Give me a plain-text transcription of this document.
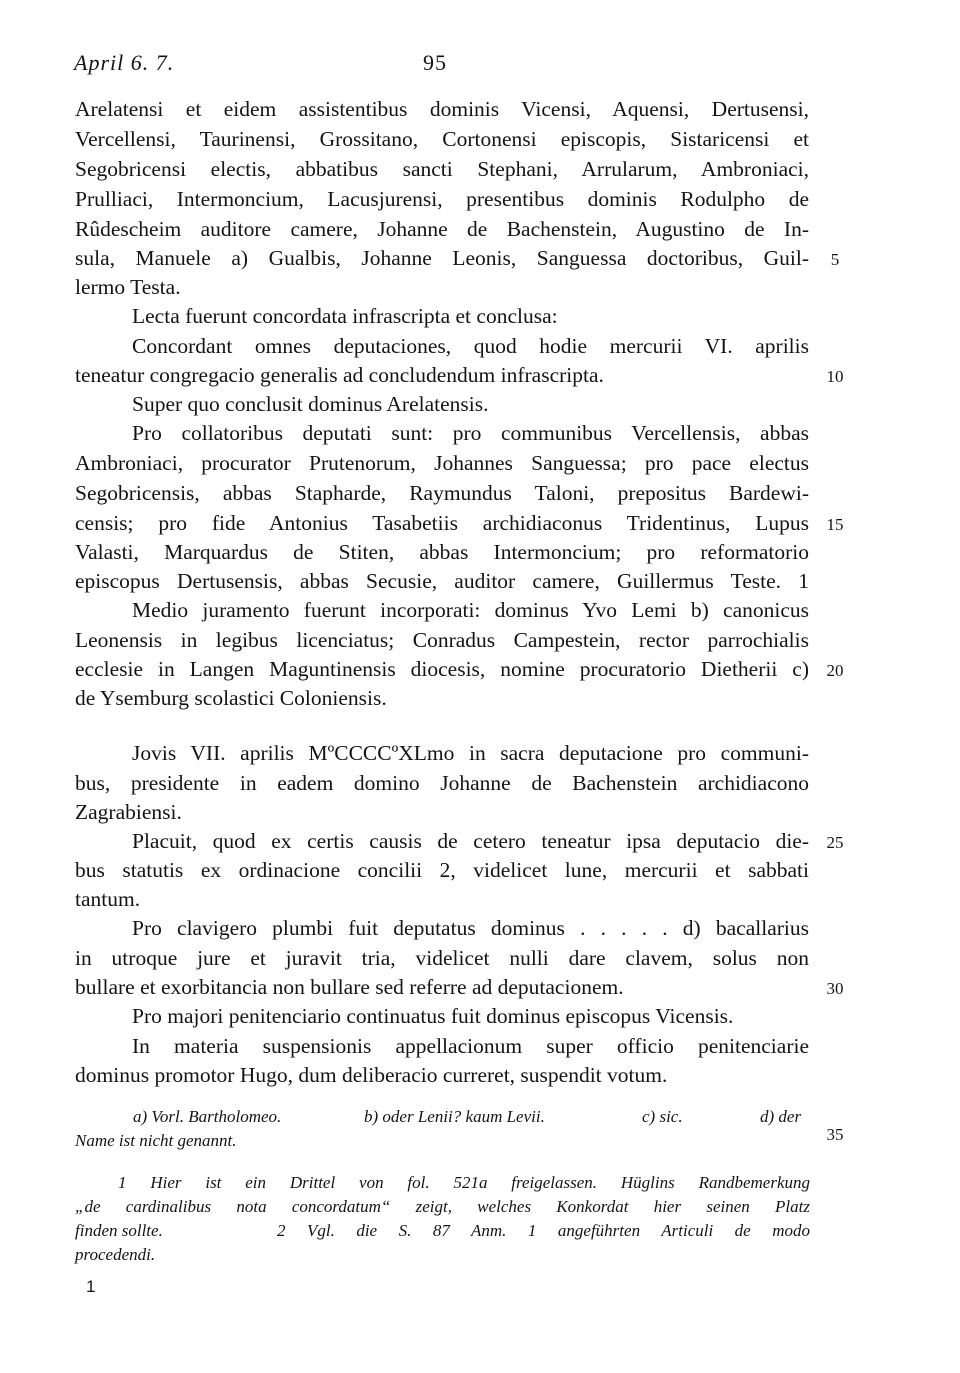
April 6. 7.	95
Arelatensi et eidem assistentibus dominis Vicensi, Aquensi, Dertusensi,
Vercellensi, Taurinensi, Grossitano, Cortonensi episcopis, Sistaricensi et
Segobricensi electis, abbatibus sancti Stephani, Arrularum, Ambroniaci,
Prulliaci, Intermoncium, Lacusjurensi, presentibus dominis Rodulpho de
Rûdescheim auditore camere, Johanne de Bachenstein, Augustino de In-
sula, Manuele a) Gualbis, Johanne Leonis, Sanguessa doctoribus, Guil-
lermo Testa.
Lecta fuerunt concordata infrascripta et conclusa:
Concordant omnes deputaciones, quod hodie mercurii VI. aprilis
teneatur congregacio generalis ad concludendum infrascripta.
Super quo conclusit dominus Arelatensis.
Pro collatoribus deputati sunt: pro communibus Vercellensis, abbas
Ambroniaci, procurator Prutenorum, Johannes Sanguessa; pro pace electus
Segobricensis, abbas Stapharde, Raymundus Taloni, prepositus Bardewi-
censis; pro fide Antonius Tasabetiis archidiaconus Tridentinus, Lupus
Valasti, Marquardus de Stiten, abbas Intermoncium; pro reformatorio
episcopus Dertusensis, abbas Secusie, auditor camere, Guillermus Teste. 1
Medio juramento fuerunt incorporati: dominus Yvo Lemi b) canonicus
Leonensis in legibus licenciatus; Conradus Campestein, rector parrochialis
ecclesie in Langen Maguntinensis diocesis, nomine procuratorio Dietherii c)
de Ysemburg scolastici Coloniensis.
Jovis VII. aprilis MºCCCCºXLmo in sacra deputacione pro communi-
bus, presidente in eadem domino Johanne de Bachenstein archidiacono
Zagrabiensi.
Placuit, quod ex certis causis de cetero teneatur ipsa deputacio die-
bus statutis ex ordinacione concilii 2, videlicet lune, mercurii et sabbati
tantum.
Pro clavigero plumbi fuit deputatus dominus . . . . . d) bacallarius
in utroque jure et juravit tria, videlicet nulli dare clavem, solus non
bullare et exorbitancia non bullare sed referre ad deputacionem.
Pro majori penitenciario continuatus fuit dominus episcopus Vicensis.
In materia suspensionis appellacionum super officio penitenciarie
dominus promotor Hugo, dum deliberacio curreret, suspendit votum.
5
10
15
20
25
30
35
a) Vorl. Bartholomeo.	b) oder Lenii? kaum Levii.	c) sic.	d) der
Name ist nicht genannt.
1 Hier ist ein Drittel von fol. 521a freigelassen. Hüglins Randbemerkung
„de cardinalibus nota concordatum“ zeigt, welches Konkordat hier seinen Platz
finden sollte.	2 Vgl. die S. 87 Anm. 1 angeführten Articuli de modo
procedendi.
1
